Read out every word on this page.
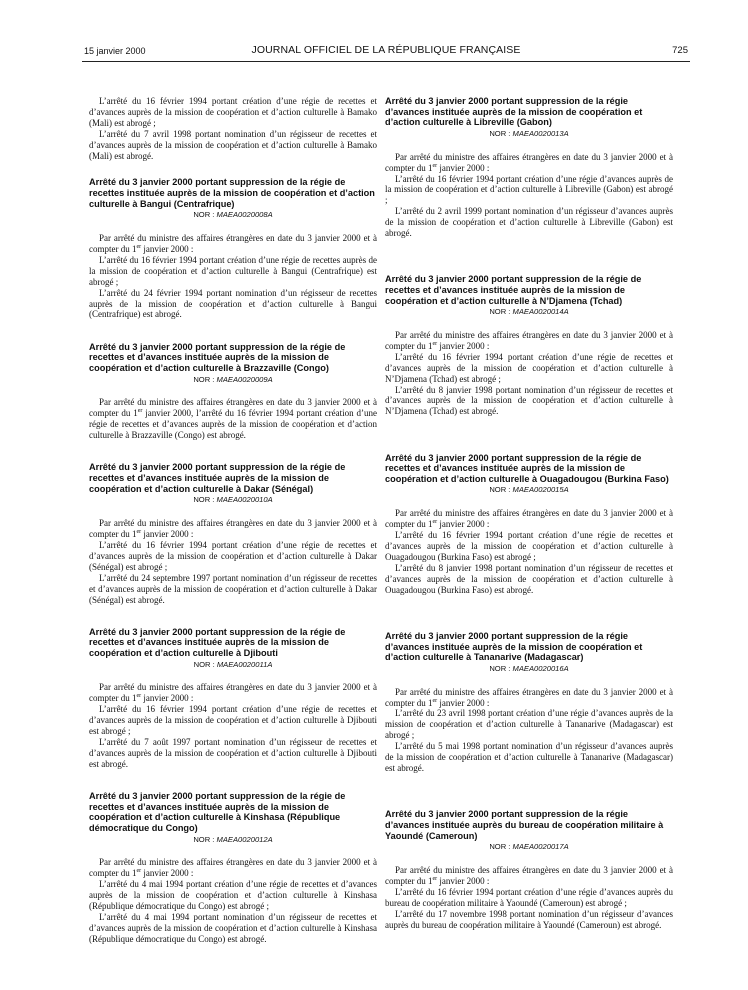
15 janvier 2000	JOURNAL OFFICIEL DE LA RÉPUBLIQUE FRANÇAISE	725

L’arrêté du 16 février 1994 portant création d’une régie de recettes et d’avances auprès de la mission de coopération et d’action culturelle à Bamako (Mali) est abrogé ;

L’arrêté du 7 avril 1998 portant nomination d’un régisseur de recettes et d’avances auprès de la mission de coopération et d’action culturelle à Bamako (Mali) est abrogé.

Arrêté du 3 janvier 2000 portant suppression de la régie de recettes instituée auprès de la mission de coopération et d’action culturelle à Bangui (Centrafrique)
NOR : MAEA0020008A

Par arrêté du ministre des affaires étrangères en date du 3 janvier 2000 et à compter du 1er janvier 2000 :

L’arrêté du 16 février 1994 portant création d’une régie de recettes auprès de la mission de coopération et d’action culturelle à Bangui (Centrafrique) est abrogé ;

L’arrêté du 24 février 1994 portant nomination d’un régisseur de recettes auprès de la mission de coopération et d’action culturelle à Bangui (Centrafrique) est abrogé.

Arrêté du 3 janvier 2000 portant suppression de la régie de recettes et d’avances instituée auprès de la mission de coopération et d’action culturelle à Brazzaville (Congo)
NOR : MAEA0020009A

Par arrêté du ministre des affaires étrangères en date du 3 janvier 2000 et à compter du 1er janvier 2000, l’arrêté du 16 février 1994 portant création d’une régie de recettes et d’avances auprès de la mission de coopération et d’action culturelle à Brazzaville (Congo) est abrogé.

Arrêté du 3 janvier 2000 portant suppression de la régie de recettes et d’avances instituée auprès de la mission de coopération et d’action culturelle à Dakar (Sénégal)
NOR : MAEA0020010A

Par arrêté du ministre des affaires étrangères en date du 3 janvier 2000 et à compter du 1er janvier 2000 :

L’arrêté du 16 février 1994 portant création d’une régie de recettes et d’avances auprès de la mission de coopération et d’action culturelle à Dakar (Sénégal) est abrogé ;

L’arrêté du 24 septembre 1997 portant nomination d’un régisseur de recettes et d’avances auprès de la mission de coopération et d’action culturelle à Dakar (Sénégal) est abrogé.

Arrêté du 3 janvier 2000 portant suppression de la régie de recettes et d’avances instituée auprès de la mission de coopération et d’action culturelle à Djibouti
NOR : MAEA0020011A

Par arrêté du ministre des affaires étrangères en date du 3 janvier 2000 et à compter du 1er janvier 2000 :

L’arrêté du 16 février 1994 portant création d’une régie de recettes et d’avances auprès de la mission de coopération et d’action culturelle à Djibouti est abrogé ;

L’arrêté du 7 août 1997 portant nomination d’un régisseur de recettes et d’avances auprès de la mission de coopération et d’action culturelle à Djibouti est abrogé.

Arrêté du 3 janvier 2000 portant suppression de la régie de recettes et d’avances instituée auprès de la mission de coopération et d’action culturelle à Kinshasa (République démocratique du Congo)
NOR : MAEA0020012A

Par arrêté du ministre des affaires étrangères en date du 3 janvier 2000 et à compter du 1er janvier 2000 :

L’arrêté du 4 mai 1994 portant création d’une régie de recettes et d’avances auprès de la mission de coopération et d’action culturelle à Kinshasa (République démocratique du Congo) est abrogé ;

L’arrêté du 4 mai 1994 portant nomination d’un régisseur de recettes et d’avances auprès de la mission de coopération et d’action culturelle à Kinshasa (République démocratique du Congo) est abrogé.

Arrêté du 3 janvier 2000 portant suppression de la régie d’avances instituée auprès de la mission de coopération et d’action culturelle à Libreville (Gabon)
NOR : MAEA0020013A

Par arrêté du ministre des affaires étrangères en date du 3 janvier 2000 et à compter du 1er janvier 2000 :

L’arrêté du 16 février 1994 portant création d’une régie d’avances auprès de la mission de coopération et d’action culturelle à Libreville (Gabon) est abrogé ;

L’arrêté du 2 avril 1999 portant nomination d’un régisseur d’avances auprès de la mission de coopération et d’action culturelle à Libreville (Gabon) est abrogé.

Arrêté du 3 janvier 2000 portant suppression de la régie de recettes et d’avances instituée auprès de la mission de coopération et d’action culturelle à N’Djamena (Tchad)
NOR : MAEA0020014A

Par arrêté du ministre des affaires étrangères en date du 3 janvier 2000 et à compter du 1er janvier 2000 :

L’arrêté du 16 février 1994 portant création d’une régie de recettes et d’avances auprès de la mission de coopération et d’action culturelle à N’Djamena (Tchad) est abrogé ;

L’arrêté du 8 janvier 1998 portant nomination d’un régisseur de recettes et d’avances auprès de la mission de coopération et d’action culturelle à N’Djamena (Tchad) est abrogé.

Arrêté du 3 janvier 2000 portant suppression de la régie de recettes et d’avances instituée auprès de la mission de coopération et d’action culturelle à Ouagadougou (Burkina Faso)
NOR : MAEA0020015A

Par arrêté du ministre des affaires étrangères en date du 3 janvier 2000 et à compter du 1er janvier 2000 :

L’arrêté du 16 février 1994 portant création d’une régie de recettes et d’avances auprès de la mission de coopération et d’action culturelle à Ouagadougou (Burkina Faso) est abrogé ;

L’arrêté du 8 janvier 1998 portant nomination d’un régisseur de recettes et d’avances auprès de la mission de coopération et d’action culturelle à Ouagadougou (Burkina Faso) est abrogé.

Arrêté du 3 janvier 2000 portant suppression de la régie d’avances instituée auprès de la mission de coopération et d’action culturelle à Tananarive (Madagascar)
NOR : MAEA0020016A

Par arrêté du ministre des affaires étrangères en date du 3 janvier 2000 et à compter du 1er janvier 2000 :

L’arrêté du 23 avril 1998 portant création d’une régie d’avances auprès de la mission de coopération et d’action culturelle à Tananarive (Madagascar) est abrogé ;

L’arrêté du 5 mai 1998 portant nomination d’un régisseur d’avances auprès de la mission de coopération et d’action culturelle à Tananarive (Madagascar) est abrogé.

Arrêté du 3 janvier 2000 portant suppression de la régie d’avances instituée auprès du bureau de coopération militaire à Yaoundé (Cameroun)
NOR : MAEA0020017A

Par arrêté du ministre des affaires étrangères en date du 3 janvier 2000 et à compter du 1er janvier 2000 :

L’arrêté du 16 février 1994 portant création d’une régie d’avances auprès du bureau de coopération militaire à Yaoundé (Cameroun) est abrogé ;

L’arrêté du 17 novembre 1998 portant nomination d’un régisseur d’avances auprès du bureau de coopération militaire à Yaoundé (Cameroun) est abrogé.
